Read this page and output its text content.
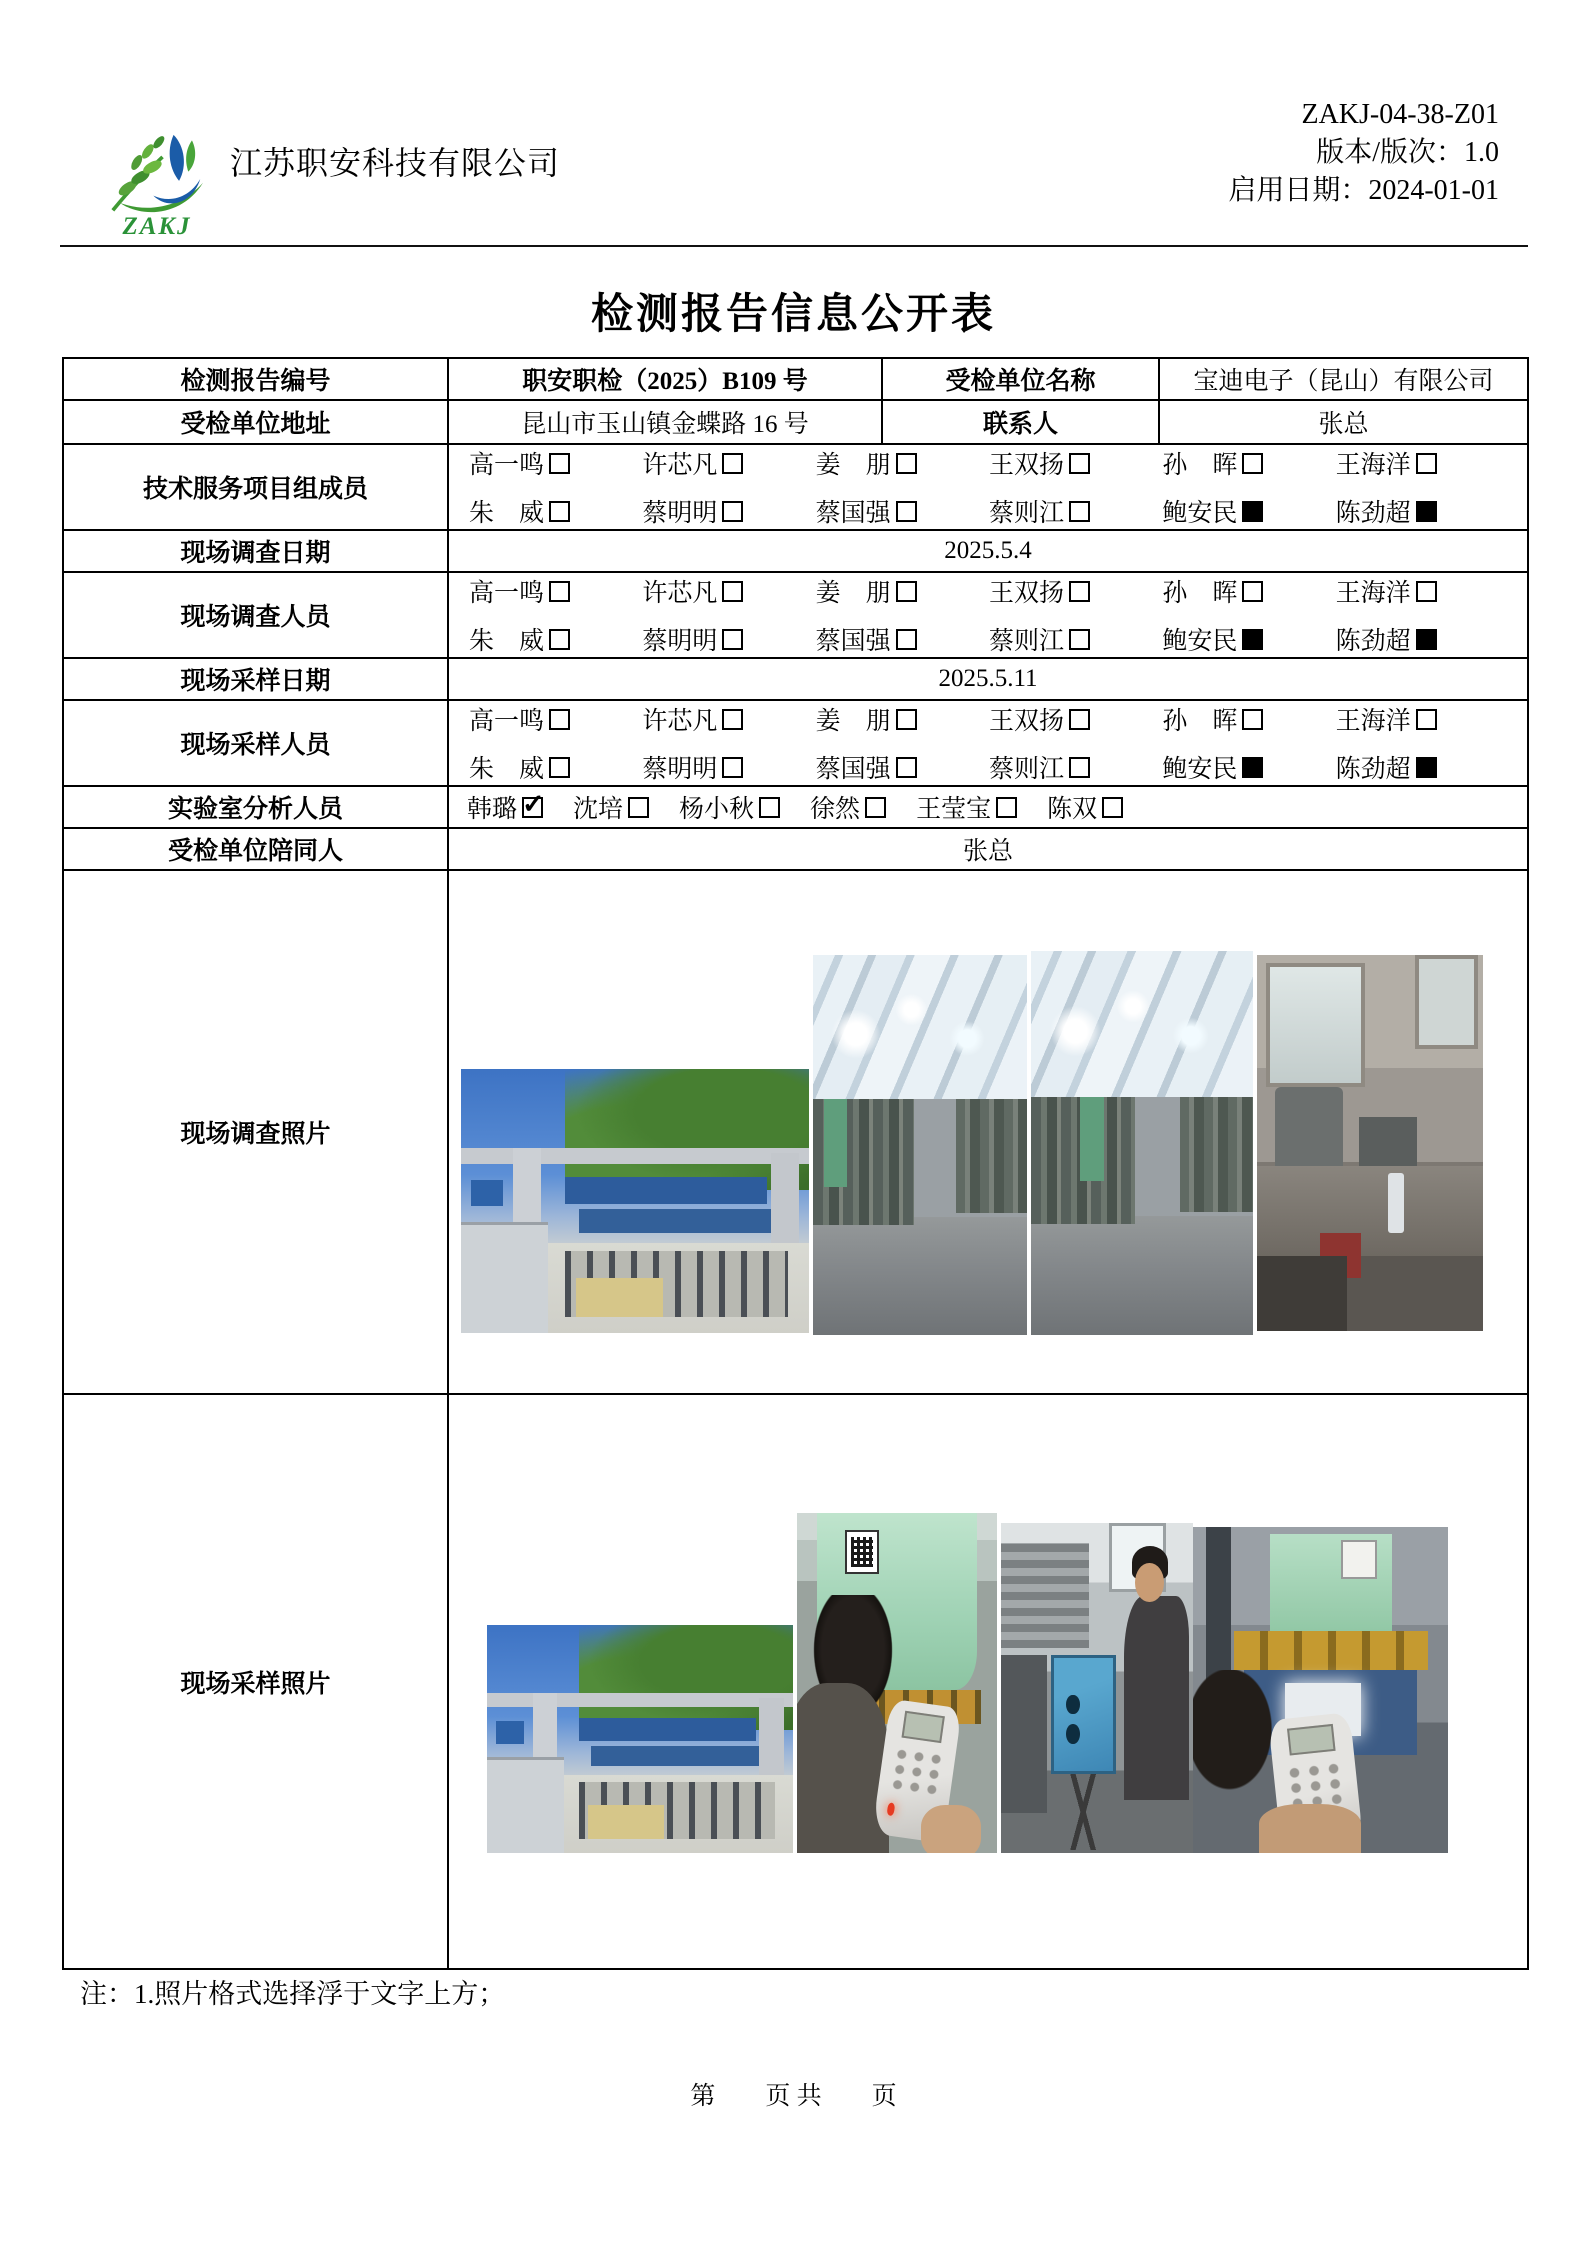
ZAKJ
江苏职安科技有限公司
ZAKJ-04-38-Z01
版本/版次：1.0
启用日期：2024-01-01
检测报告信息公开表
检测报告编号	职安职检（2025）B109 号	受检单位名称	宝迪电子（昆山）有限公司
受检单位地址	昆山市玉山镇金蝶路 16 号	联系人	张总
技术服务项目组成员	
高一鸣	许芯凡	姜　朋	王双扬	孙　晖	王海洋
朱　威	蔡明明	蔡国强	蔡则江	鲍安民	陈劲超

现场调查日期	2025.5.4		
现场调查人员	
高一鸣	许芯凡	姜　朋	王双扬	孙　晖	王海洋
朱　威	蔡明明	蔡国强	蔡则江	鲍安民	陈劲超

现场采样日期	2025.5.11		
现场采样人员	
高一鸣	许芯凡	姜　朋	王双扬	孙　晖	王海洋
朱　威	蔡明明	蔡国强	蔡则江	鲍安民	陈劲超

实验室分析人员	韩璐 ✓ 沈培 杨小秋 徐然 王莹宝 陈双

受检单位陪同人	张总		
现场调查照片			

现场采样照片			
注：1.照片格式选择浮于文字上方；
第　　页 共　　页
